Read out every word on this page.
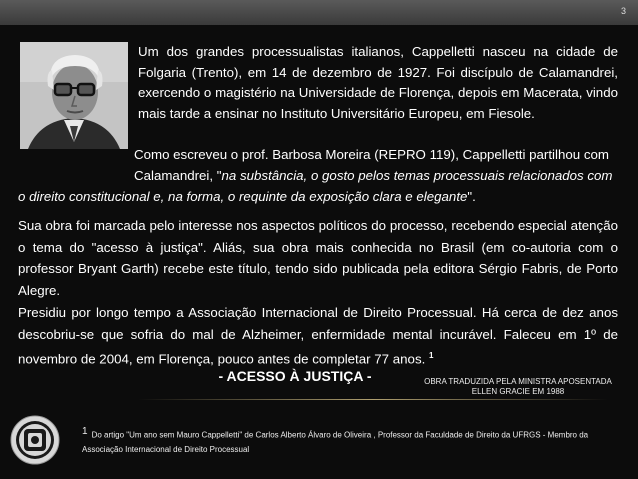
3

Um dos grandes processualistas italianos, Cappelletti nasceu na cidade de Folgaria (Trento), em 14 de dezembro de 1927. Foi discípulo de Calamandrei, exercendo o magistério na Universidade de Florença, depois em Macerata, vindo mais tarde a ensinar no Instituto Universitário Europeu, em Fiesole.

Como escreveu o prof. Barbosa Moreira (REPRO 119), Cappelletti partilhou com
Calamandrei, "na substância, o gosto pelos temas processuais relacionados com
o direito constitucional e, na forma, o requinte da exposição clara e elegante".

Sua obra foi marcada pelo interesse nos aspectos políticos do processo, recebendo especial atenção o tema do "acesso à justiça". Aliás, sua obra mais conhecida no Brasil (em co-autoria com o professor Bryant Garth) recebe este título, tendo sido publicada pela editora Sérgio Fabris, de Porto Alegre.
Presidiu por longo tempo a Associação Internacional de Direito Processual. Há cerca de dez anos descobriu-se que sofria do mal de Alzheimer, enfermidade mental incurável. Faleceu em 1º de novembro de 2004, em Florença, pouco antes de completar 77 anos. $^1$
- ACESSO À JUSTIÇA -	OBRA TRADUZIDA PELA MINISTRA APOSENTADA ELLEN GRACIE EM 1988
1 Do artigo "Um ano sem Mauro Cappelletti" de Carlos Alberto Álvaro de Oliveira , Professor da Faculdade de Direito da UFRGS - Membro da Associação Internacional de Direito Processual
